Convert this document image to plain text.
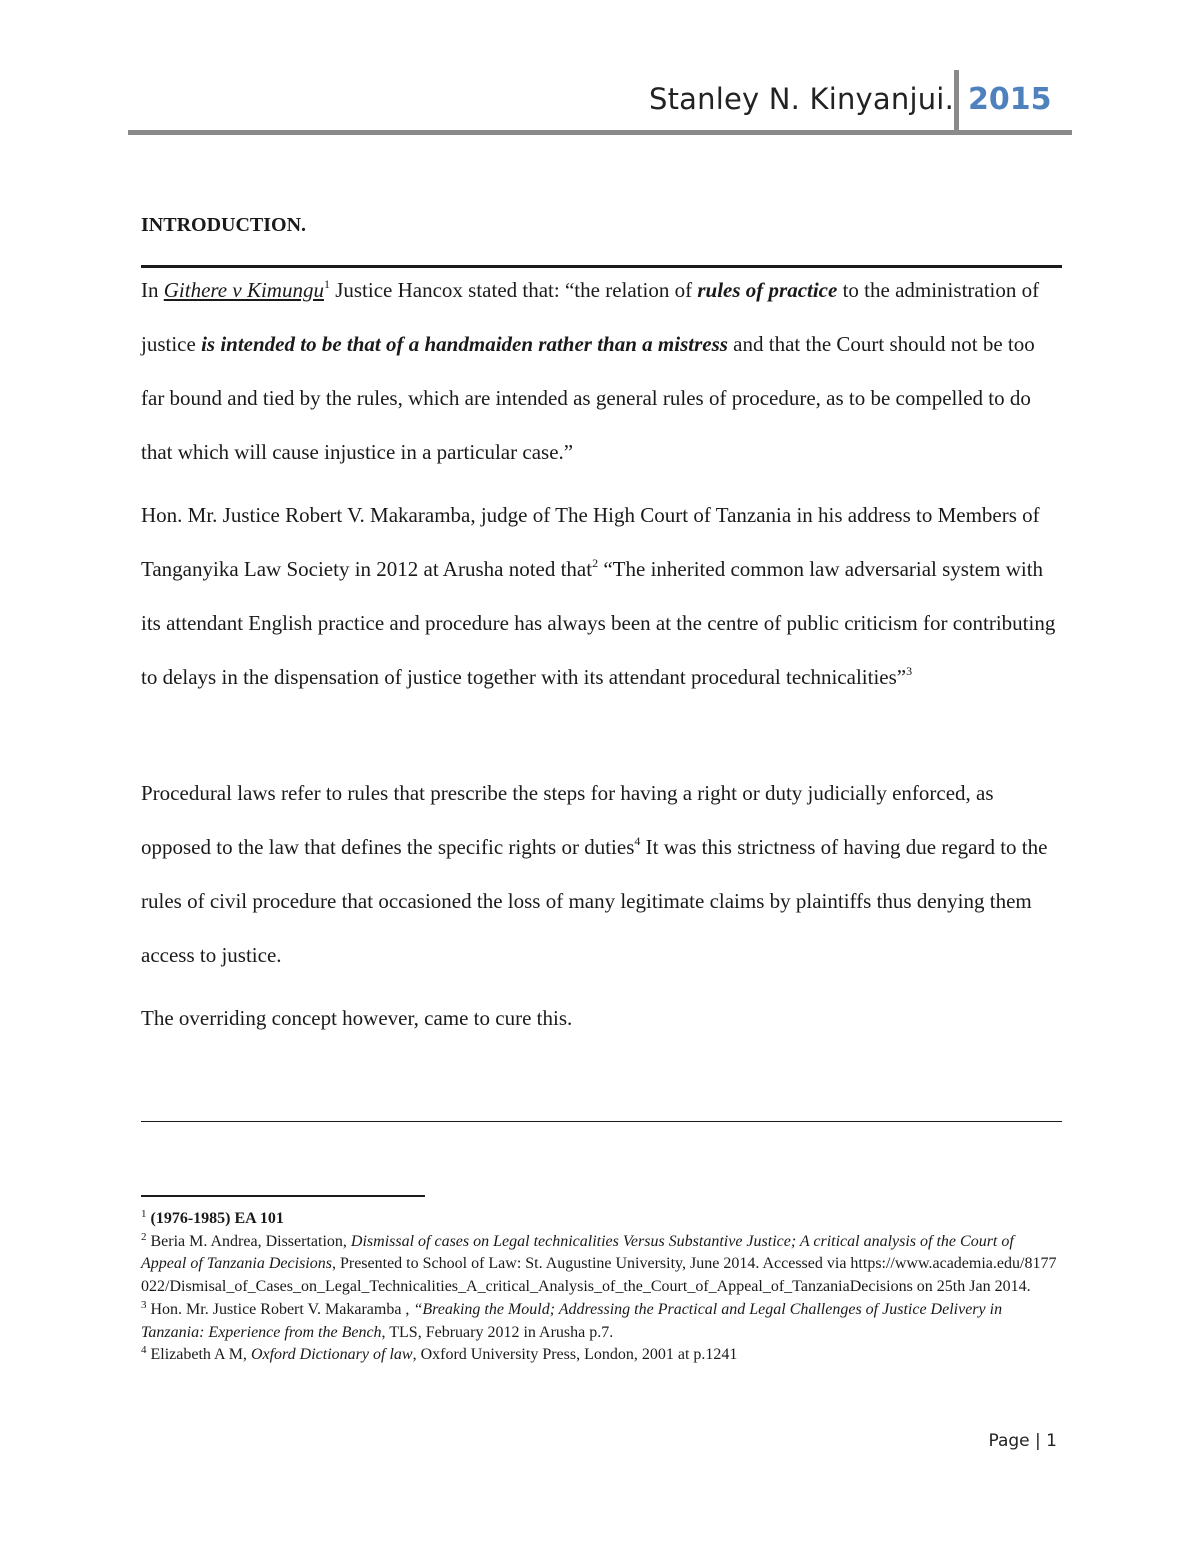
Stanley N. Kinyanjui. 2015
INTRODUCTION.

In Githere v Kimungu$^1$ Justice Hancox stated that: “the relation of rules of practice to the administration of justice is intended to be that of a handmaiden rather than a mistress and that the Court should not be too far bound and tied by the rules, which are intended as general rules of procedure, as to be compelled to do that which will cause injustice in a particular case.”

Hon. Mr. Justice Robert V. Makaramba, judge of The High Court of Tanzania in his address to Members of Tanganyika Law Society in 2012 at Arusha noted that$^2$ “The inherited common law adversarial system with its attendant English practice and procedure has always been at the centre of public criticism for contributing to delays in the dispensation of justice together with its attendant procedural technicalities”$^3$

Procedural laws refer to rules that prescribe the steps for having a right or duty judicially enforced, as opposed to the law that defines the specific rights or duties$^4$ It was this strictness of having due regard to the rules of civil procedure that occasioned the loss of many legitimate claims by plaintiffs thus denying them access to justice.

The overriding concept however, came to cure this.

$^1$ (1976-1985) EA 101

$^2$ Beria M. Andrea, Dissertation, Dismissal of cases on Legal technicalities Versus Substantive Justice; A critical analysis of the Court of Appeal of Tanzania Decisions, Presented to School of Law: St. Augustine University, June 2014. Accessed via https://www.academia.edu/8177022/Dismisal_of_Cases_on_Legal_Technicalities_A_critical_Analysis_of_the_Court_of_Appeal_of_TanzaniaDecisions on 25th Jan 2014.

$^3$ Hon. Mr. Justice Robert V. Makaramba , “Breaking the Mould; Addressing the Practical and Legal Challenges of Justice Delivery in Tanzania: Experience from the Bench, TLS, February 2012 in Arusha p.7.

$^4$ Elizabeth A M, Oxford Dictionary of law, Oxford University Press, London, 2001 at p.1241

Page | 1
